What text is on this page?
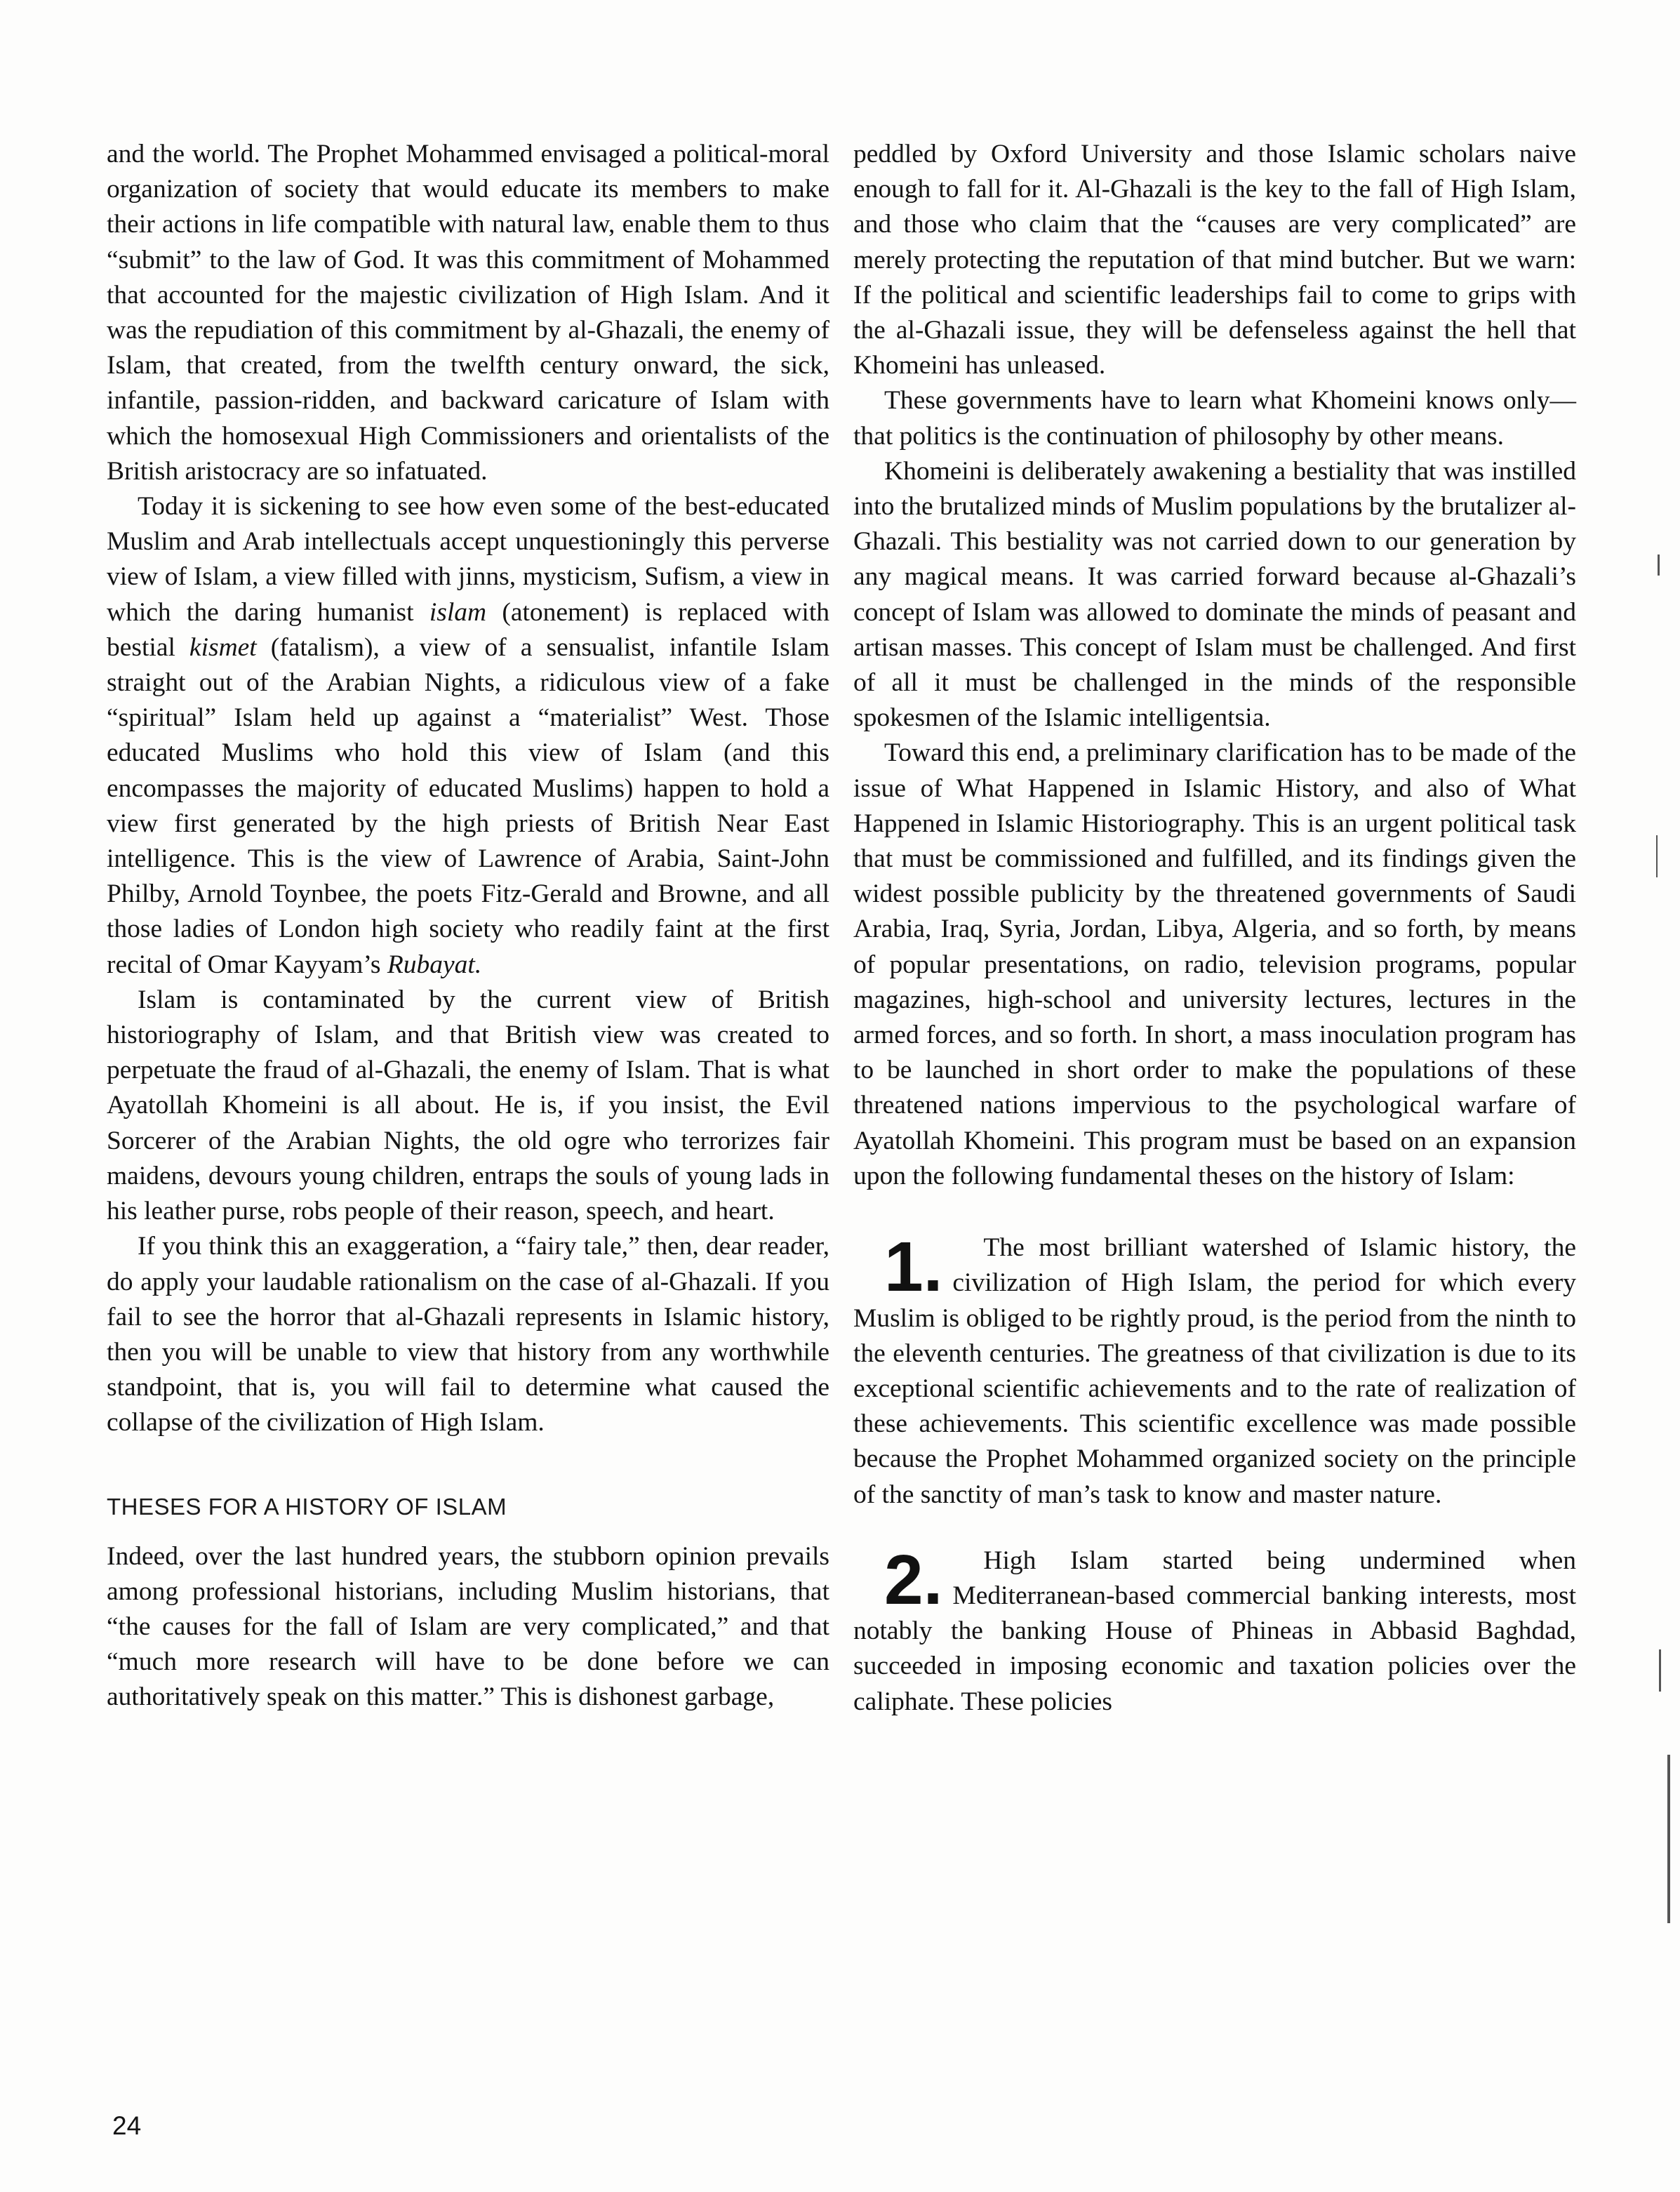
and the world. The Prophet Mohammed envisaged a political-moral organization of society that would educate its members to make their actions in life compatible with natural law, enable them to thus “submit” to the law of God. It was this commitment of Mohammed that accounted for the majestic civilization of High Islam. And it was the repudiation of this commitment by al-Ghazali, the enemy of Islam, that created, from the twelfth century onward, the sick, infantile, passion-ridden, and backward caricature of Islam with which the homosexual High Commissioners and orientalists of the British aristocracy are so infatuated.

Today it is sickening to see how even some of the best-educated Muslim and Arab intellectuals accept unquestioningly this perverse view of Islam, a view filled with jinns, mysticism, Sufism, a view in which the daring humanist islam (atonement) is replaced with bestial kismet (fatalism), a view of a sensualist, infantile Islam straight out of the Arabian Nights, a ridiculous view of a fake “spiritual” Islam held up against a “materialist” West. Those educated Muslims who hold this view of Islam (and this encompasses the majority of educated Muslims) happen to hold a view first generated by the high priests of British Near East intelligence. This is the view of Lawrence of Arabia, Saint-John Philby, Arnold Toynbee, the poets Fitz-Gerald and Browne, and all those ladies of London high society who readily faint at the first recital of Omar Kayyam’s Rubayat.

Islam is contaminated by the current view of British historiography of Islam, and that British view was created to perpetuate the fraud of al-Ghazali, the enemy of Islam. That is what Ayatollah Khomeini is all about. He is, if you insist, the Evil Sorcerer of the Arabian Nights, the old ogre who terrorizes fair maidens, devours young children, entraps the souls of young lads in his leather purse, robs people of their reason, speech, and heart.

If you think this an exaggeration, a “fairy tale,” then, dear reader, do apply your laudable rationalism on the case of al-Ghazali. If you fail to see the horror that al-Ghazali represents in Islamic history, then you will be unable to view that history from any worthwhile standpoint, that is, you will fail to determine what caused the collapse of the civilization of High Islam.

THESES FOR A HISTORY OF ISLAM

Indeed, over the last hundred years, the stubborn opinion prevails among professional historians, including Muslim historians, that “the causes for the fall of Islam are very complicated,” and that “much more research will have to be done before we can authoritatively speak on this matter.” This is dishonest garbage,

peddled by Oxford University and those Islamic scholars naive enough to fall for it. Al-Ghazali is the key to the fall of High Islam, and those who claim that the “causes are very complicated” are merely protecting the reputation of that mind butcher. But we warn: If the political and scientific leaderships fail to come to grips with the al-Ghazali issue, they will be defenseless against the hell that Khomeini has unleased.

These governments have to learn what Khomeini knows only—that politics is the continuation of philosophy by other means.

Khomeini is deliberately awakening a bestiality that was instilled into the brutalized minds of Muslim populations by the brutalizer al-Ghazali. This bestiality was not carried down to our generation by any magical means. It was carried forward because al-Ghazali’s concept of Islam was allowed to dominate the minds of peasant and artisan masses. This concept of Islam must be challenged. And first of all it must be challenged in the minds of the responsible spokesmen of the Islamic intelligentsia.

Toward this end, a preliminary clarification has to be made of the issue of What Happened in Islamic History, and also of What Happened in Islamic Historiography. This is an urgent political task that must be commissioned and fulfilled, and its findings given the widest possible publicity by the threatened governments of Saudi Arabia, Iraq, Syria, Jordan, Libya, Algeria, and so forth, by means of popular presentations, on radio, television programs, popular magazines, high-school and university lectures, lectures in the armed forces, and so forth. In short, a mass inoculation program has to be launched in short order to make the populations of these threatened nations impervious to the psychological warfare of Ayatollah Khomeini. This program must be based on an expansion upon the following fundamental theses on the history of Islam:

1. The most brilliant watershed of Islamic history, the civilization of High Islam, the period for which every Muslim is obliged to be rightly proud, is the period from the ninth to the eleventh centuries. The greatness of that civilization is due to its exceptional scientific achievements and to the rate of realization of these achievements. This scientific excellence was made possible because the Prophet Mohammed organized society on the principle of the sanctity of man’s task to know and master nature.

2. High Islam started being undermined when Mediterranean-based commercial banking interests, most notably the banking House of Phineas in Abbasid Baghdad, succeeded in imposing economic and taxation policies over the caliphate. These policies

24
